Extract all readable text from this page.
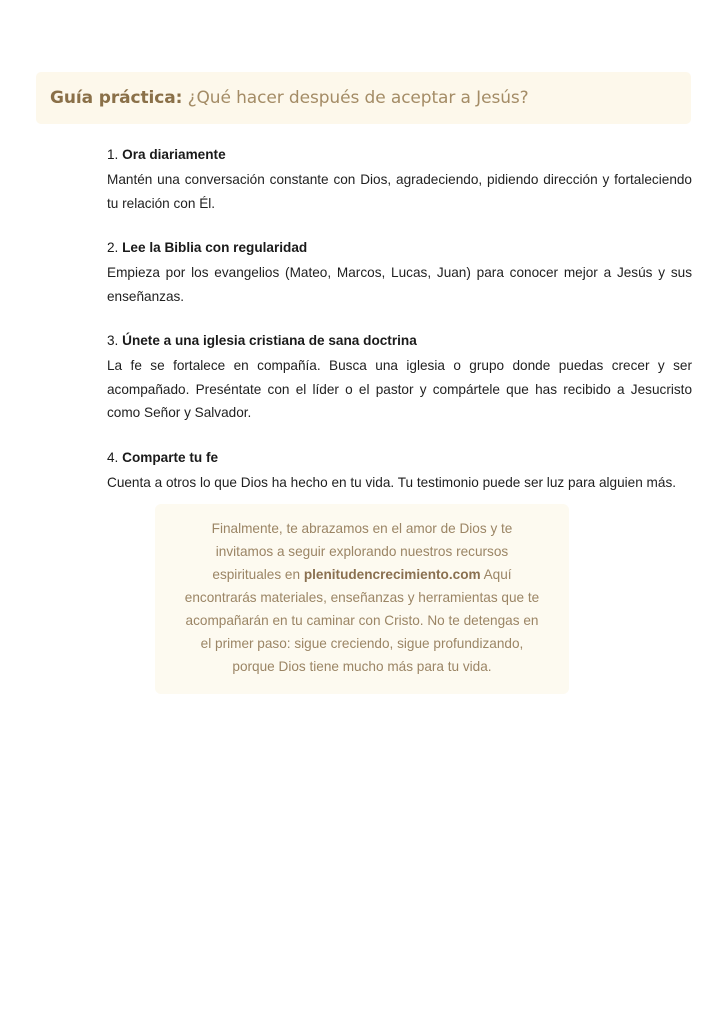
Guía práctica: ¿Qué hacer después de aceptar a Jesús?

1. Ora diariamente

Mantén una conversación constante con Dios, agradeciendo, pidiendo dirección y fortaleciendo tu relación con Él.

2. Lee la Biblia con regularidad

Empieza por los evangelios (Mateo, Marcos, Lucas, Juan) para conocer mejor a Jesús y sus enseñanzas.

3. Únete a una iglesia cristiana de sana doctrina

La fe se fortalece en compañía. Busca una iglesia o grupo donde puedas crecer y ser acompañado. Preséntate con el líder o el pastor y compártele que has recibido a Jesucristo como Señor y Salvador.

4. Comparte tu fe

Cuenta a otros lo que Dios ha hecho en tu vida. Tu testimonio puede ser luz para alguien más.

Finalmente, te abrazamos en el amor de Dios y te invitamos a seguir explorando nuestros recursos espirituales en plenitudencrecimiento.com Aquí encontrarás materiales, enseñanzas y herramientas que te acompañarán en tu caminar con Cristo. No te detengas en el primer paso: sigue creciendo, sigue profundizando, porque Dios tiene mucho más para tu vida.
